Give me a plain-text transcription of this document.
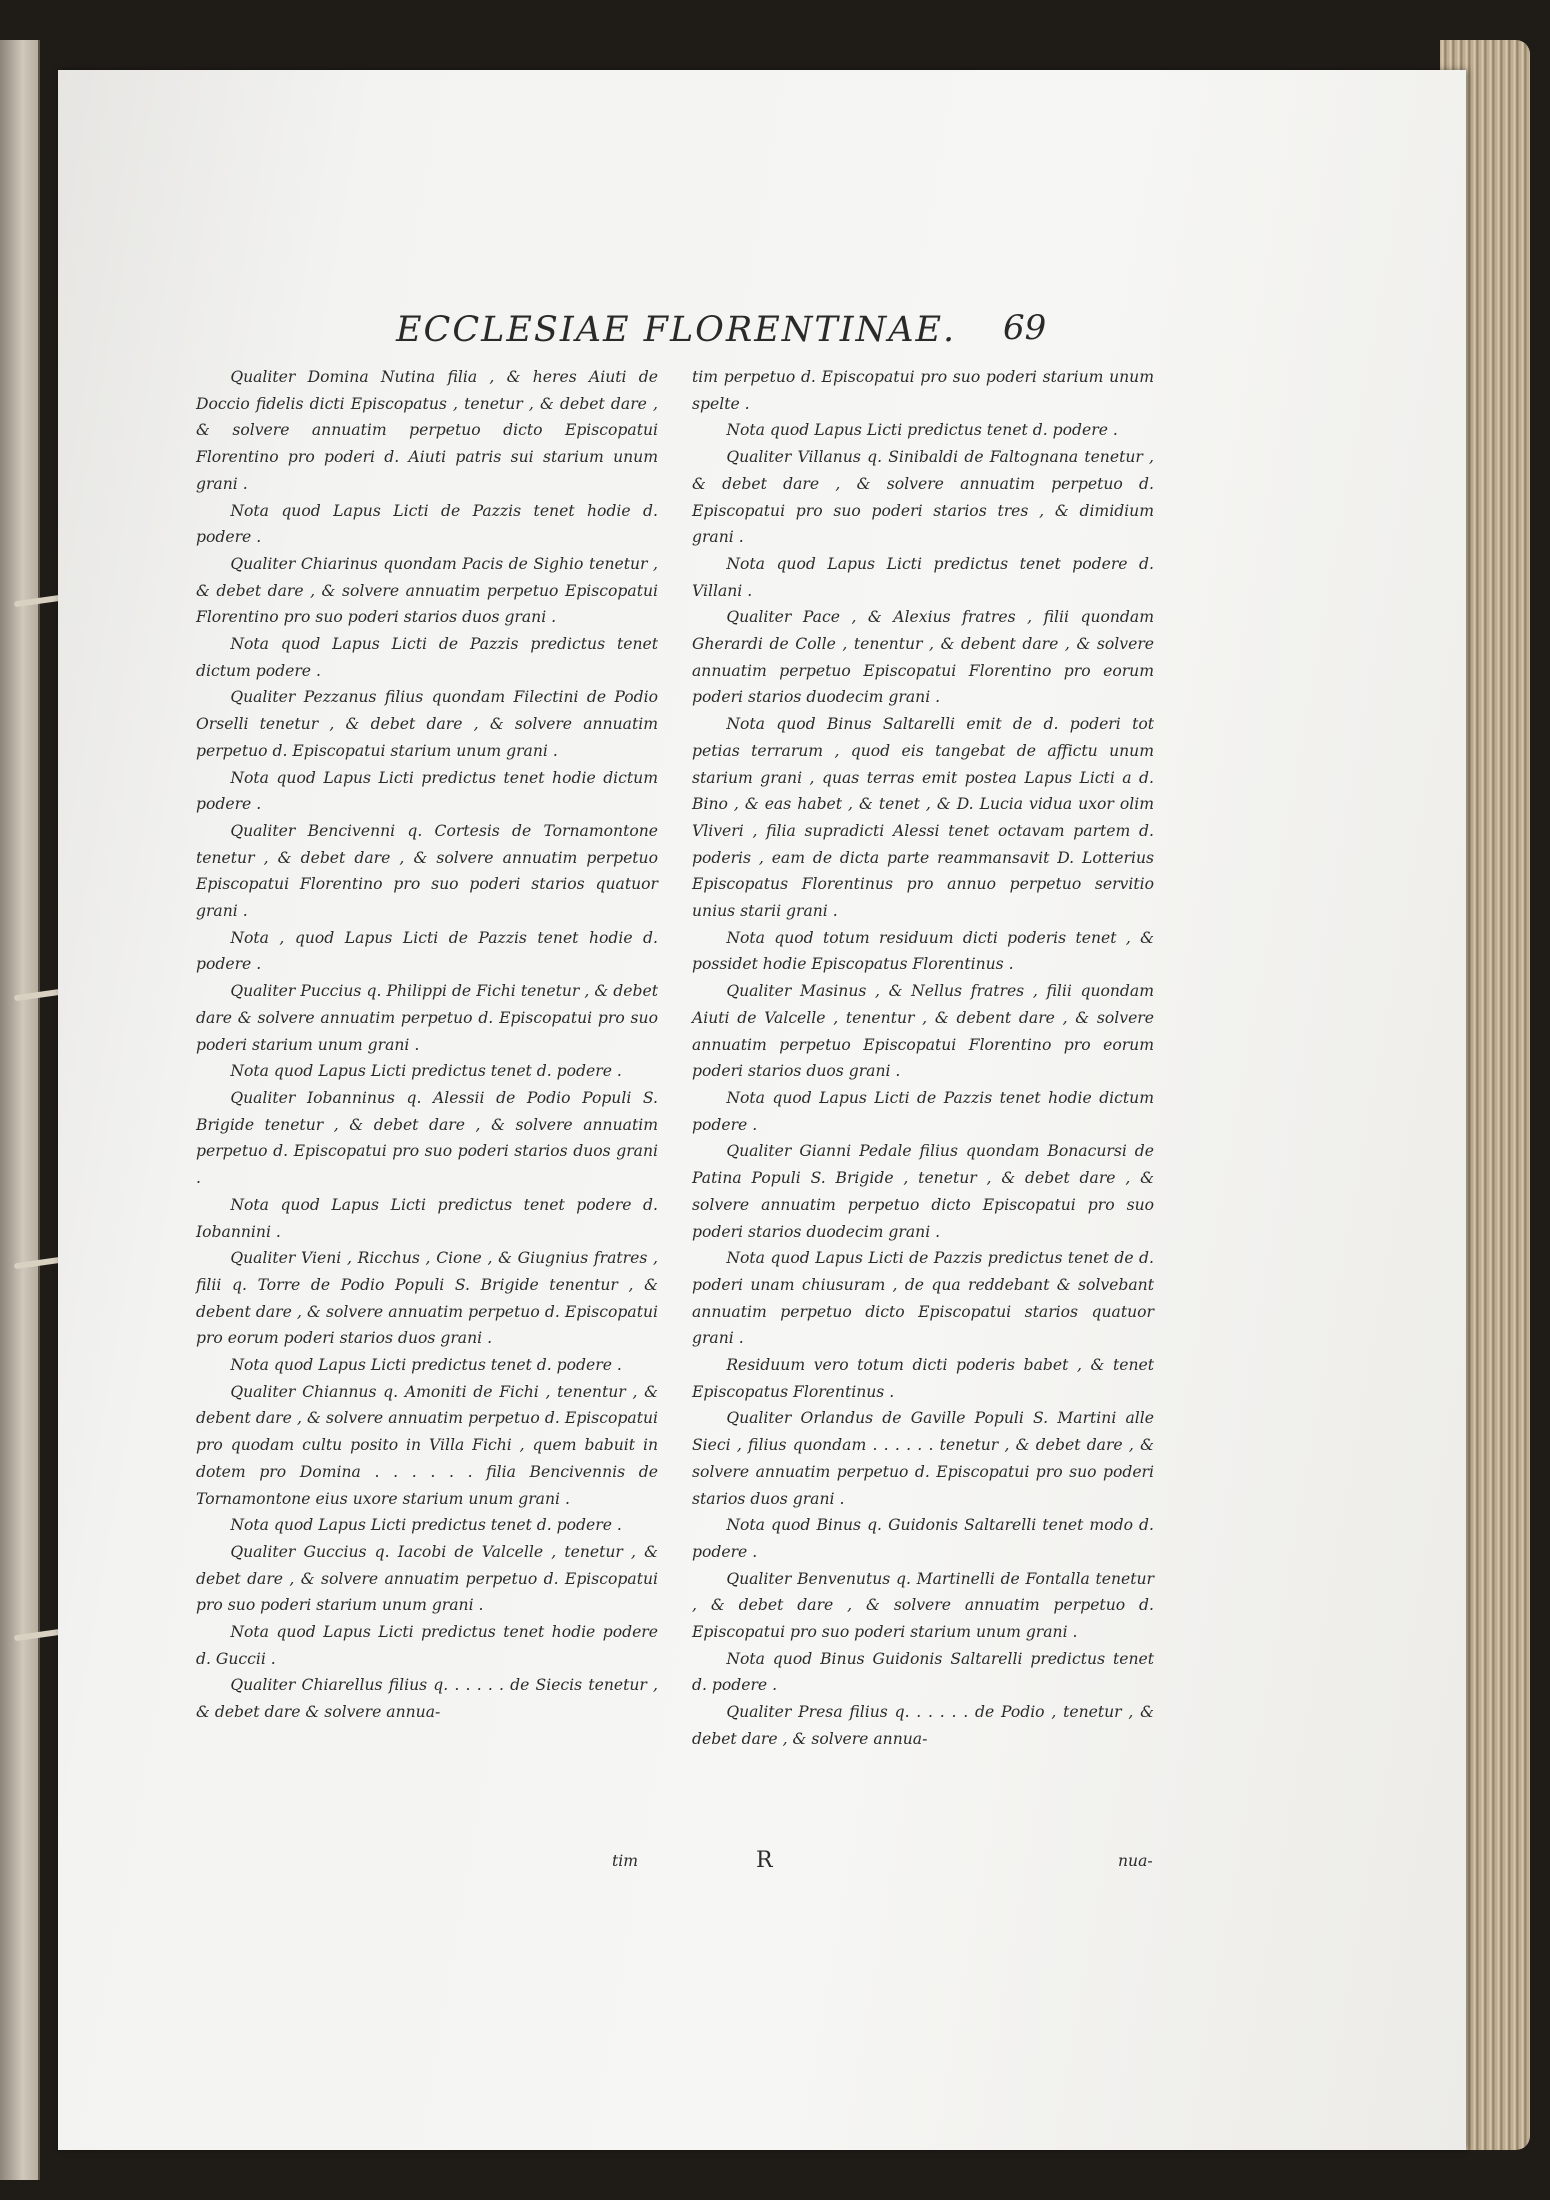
ECCLESIAE FLORENTINAE.	69

Qualiter Domina Nutina filia , & heres Aiuti de Doccio fidelis dicti Episcopatus , tenetur , & debet dare , & solvere annuatim perpetuo dicto Episcopatui Florentino pro poderi d. Aiuti patris sui starium unum grani .

Nota quod Lapus Licti de Pazzis tenet hodie d. podere .

Qualiter Chiarinus quondam Pacis de Sighio tenetur , & debet dare , & solvere annuatim perpetuo Episcopatui Florentino pro suo poderi starios duos grani .

Nota quod Lapus Licti de Pazzis predictus tenet dictum podere .

Qualiter Pezzanus filius quondam Filectini de Podio Orselli tenetur , & debet dare , & solvere annuatim perpetuo d. Episcopatui starium unum grani .

Nota quod Lapus Licti predictus tenet hodie dictum podere .

Qualiter Bencivenni q. Cortesis de Tornamontone tenetur , & debet dare , & solvere annuatim perpetuo Episcopatui Florentino pro suo poderi starios quatuor grani .

Nota , quod Lapus Licti de Pazzis tenet hodie d. podere .

Qualiter Puccius q. Philippi de Fichi tenetur , & debet dare & solvere annuatim perpetuo d. Episcopatui pro suo poderi starium unum grani .

Nota quod Lapus Licti predictus tenet d. podere .

Qualiter Iobanninus q. Alessii de Podio Populi S. Brigide tenetur , & debet dare , & solvere annuatim perpetuo d. Episcopatui pro suo poderi starios duos grani .

Nota quod Lapus Licti predictus tenet podere d. Iobannini .

Qualiter Vieni , Ricchus , Cione , & Giugnius fratres , filii q. Torre de Podio Populi S. Brigide tenentur , & debent dare , & solvere annuatim perpetuo d. Episcopatui pro eorum poderi starios duos grani .

Nota quod Lapus Licti predictus tenet d. podere .

Qualiter Chiannus q. Amoniti de Fichi , tenentur , & debent dare , & solvere annuatim perpetuo d. Episcopatui pro quodam cultu posito in Villa Fichi , quem babuit in dotem pro Domina . . . . . . filia Bencivennis de Tornamontone eius uxore starium unum grani .

Nota quod Lapus Licti predictus tenet d. podere .

Qualiter Guccius q. Iacobi de Valcelle , tenetur , & debet dare , & solvere annuatim perpetuo d. Episcopatui pro suo poderi starium unum grani .

Nota quod Lapus Licti predictus tenet hodie podere d. Guccii .

Qualiter Chiarellus filius q. . . . . . de Siecis tenetur , & debet dare & solvere annua-

tim perpetuo d. Episcopatui pro suo poderi starium unum spelte .

Nota quod Lapus Licti predictus tenet d. podere .

Qualiter Villanus q. Sinibaldi de Faltognana tenetur , & debet dare , & solvere annuatim perpetuo d. Episcopatui pro suo poderi starios tres , & dimidium grani .

Nota quod Lapus Licti predictus tenet podere d. Villani .

Qualiter Pace , & Alexius fratres , filii quondam Gherardi de Colle , tenentur , & debent dare , & solvere annuatim perpetuo Episcopatui Florentino pro eorum poderi starios duodecim grani .

Nota quod Binus Saltarelli emit de d. poderi tot petias terrarum , quod eis tangebat de affictu unum starium grani , quas terras emit postea Lapus Licti a d. Bino , & eas habet , & tenet , & D. Lucia vidua uxor olim Vliveri , filia supradicti Alessi tenet octavam partem d. poderis , eam de dicta parte reammansavit D. Lotterius Episcopatus Florentinus pro annuo perpetuo servitio unius starii grani .

Nota quod totum residuum dicti poderis tenet , & possidet hodie Episcopatus Florentinus .

Qualiter Masinus , & Nellus fratres , filii quondam Aiuti de Valcelle , tenentur , & debent dare , & solvere annuatim perpetuo Episcopatui Florentino pro eorum poderi starios duos grani .

Nota quod Lapus Licti de Pazzis tenet hodie dictum podere .

Qualiter Gianni Pedale filius quondam Bonacursi de Patina Populi S. Brigide , tenetur , & debet dare , & solvere annuatim perpetuo dicto Episcopatui pro suo poderi starios duodecim grani .

Nota quod Lapus Licti de Pazzis predictus tenet de d. poderi unam chiusuram , de qua reddebant & solvebant annuatim perpetuo dicto Episcopatui starios quatuor grani .

Residuum vero totum dicti poderis babet , & tenet Episcopatus Florentinus .

Qualiter Orlandus de Gaville Populi S. Martini alle Sieci , filius quondam . . . . . . tenetur , & debet dare , & solvere annuatim perpetuo d. Episcopatui pro suo poderi starios duos grani .

Nota quod Binus q. Guidonis Saltarelli tenet modo d. podere .

Qualiter Benvenutus q. Martinelli de Fontalla tenetur , & debet dare , & solvere annuatim perpetuo d. Episcopatui pro suo poderi starium unum grani .

Nota quod Binus Guidonis Saltarelli predictus tenet d. podere .

Qualiter Presa filius q. . . . . . de Podio , tenetur , & debet dare , & solvere annua-

tim	R	nua-
